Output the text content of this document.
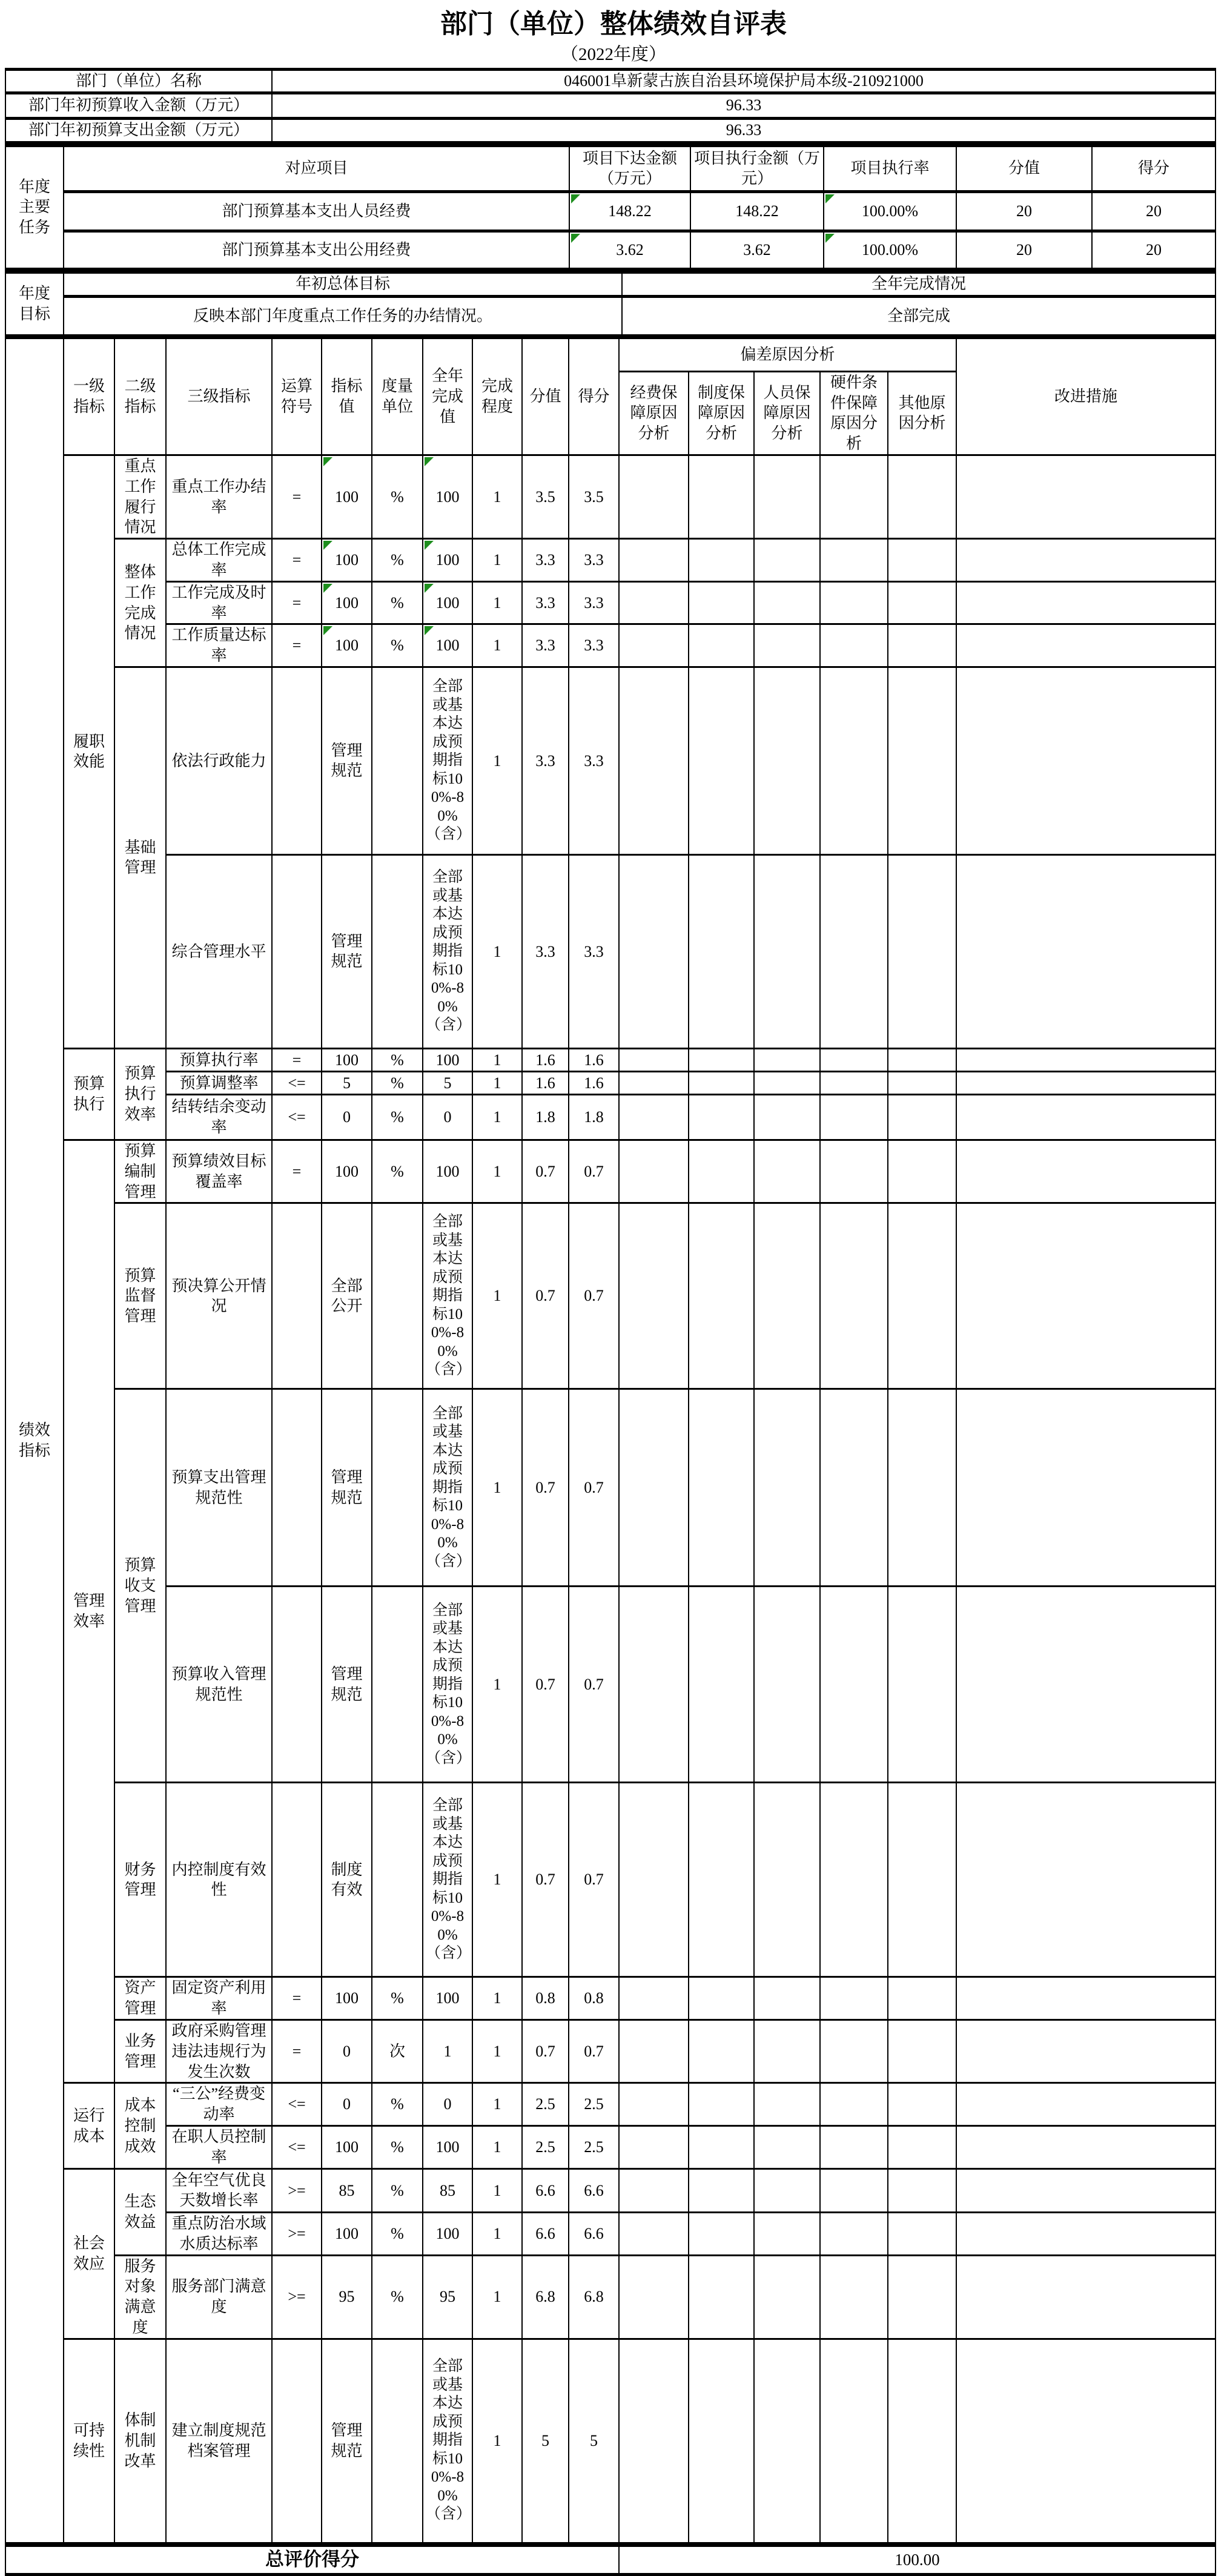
部门（单位）整体绩效自评表
（2022年度）
部门（单位）名称	046001阜新蒙古族自治县环境保护局本级-210921000
部门年初预算收入金额（万元）	96.33
部门年初预算支出金额（万元）	96.33
年度主要任务	对应项目	项目下达金额（万元）	项目执行金额（万元）	项目执行率	分值	得分
	部门预算基本支出人员经费	148.22	148.22	100.00%	20	20
	部门预算基本支出公用经费	3.62	3.62	100.00%	20	20
年度目标	年初总体目标	全年完成情况
	反映本部门年度重点工作任务的办结情况。	全部完成
绩效指标	一级指标	二级指标	三级指标	运算符号	指标值	度量单位	全年完成值	完成程度	分值	得分	偏差原因分析					改进措施
											经费保障原因分析	制度保障原因分析	人员保障原因分析	硬件条件保障原因分析	其他原因分析	
	履职效能	重点工作履行情况	重点工作办结率	=	100	%	100	1	3.5	3.5						
		整体工作完成情况	总体工作完成率	=	100	%	100	1	3.3	3.3						
			工作完成及时率	=	100	%	100	1	3.3	3.3						
			工作质量达标率	=	100	%	100	1	3.3	3.3						
		基础管理	依法行政能力		管理规范		全部或基本达成预期指标100%-80%（含）	1	3.3	3.3						
			综合管理水平		管理规范		全部或基本达成预期指标100%-80%（含）	1	3.3	3.3						
	预算执行	预算执行效率	预算执行率	=	100	%	100	1	1.6	1.6						
			预算调整率	<=	5	%	5	1	1.6	1.6						
			结转结余变动率	<=	0	%	0	1	1.8	1.8						
	管理效率	预算编制管理	预算绩效目标覆盖率	=	100	%	100	1	0.7	0.7						
		预算监督管理	预决算公开情况		全部公开		全部或基本达成预期指标100%-80%（含）	1	0.7	0.7						
		预算收支管理	预算支出管理规范性		管理规范		全部或基本达成预期指标100%-80%（含）	1	0.7	0.7						
			预算收入管理规范性		管理规范		全部或基本达成预期指标100%-80%（含）	1	0.7	0.7						
		财务管理	内控制度有效性		制度有效		全部或基本达成预期指标100%-80%（含）	1	0.7	0.7						
		资产管理	固定资产利用率	=	100	%	100	1	0.8	0.8						
		业务管理	政府采购管理违法违规行为发生次数	=	0	次	1	1	0.7	0.7						
	运行成本	成本控制成效	“三公”经费变动率	<=	0	%	0	1	2.5	2.5						
			在职人员控制率	<=	100	%	100	1	2.5	2.5						
	社会效应	生态效益	全年空气优良天数增长率	>=	85	%	85	1	6.6	6.6						
			重点防治水域水质达标率	>=	100	%	100	1	6.6	6.6						
		服务对象满意度	服务部门满意度	>=	95	%	95	1	6.8	6.8						
	可持续性	体制机制改革	建立制度规范档案管理		管理规范		全部或基本达成预期指标100%-80%（含）	1	5	5						
总评价得分	100.00
